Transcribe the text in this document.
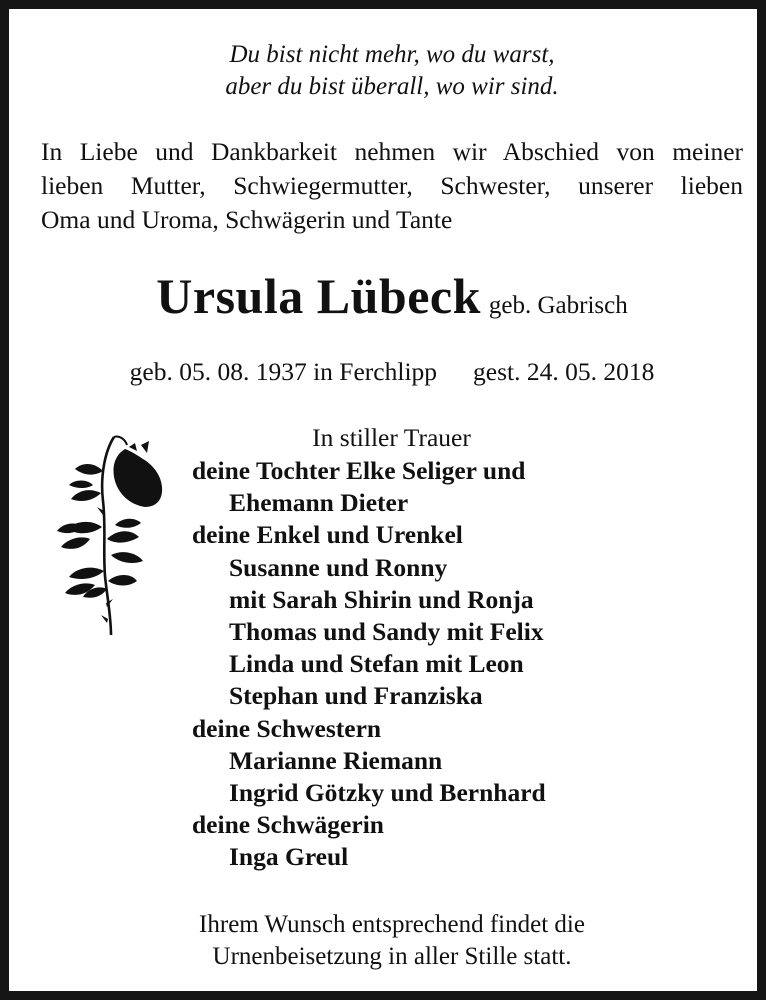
Du bist nicht mehr, wo du warst,
aber du bist überall, wo wir sind.
In Liebe und Dankbarkeit nehmen wir Abschied von meiner
lieben Mutter, Schwiegermutter, Schwester, unserer lieben
Oma und Uroma, Schwägerin und Tante
Ursula Lübeck geb. Gabrisch
geb. 05. 08. 1937 in Ferchlipp gest. 24. 05. 2018
In stiller Trauer
deine Tochter Elke Seliger und
Ehemann Dieter
deine Enkel und Urenkel
Susanne und Ronny
mit Sarah Shirin und Ronja
Thomas und Sandy mit Felix
Linda und Stefan mit Leon
Stephan und Franziska
deine Schwestern
Marianne Riemann
Ingrid Götzky und Bernhard
deine Schwägerin
Inga Greul
Ihrem Wunsch entsprechend findet die
Urnenbeisetzung in aller Stille statt.
